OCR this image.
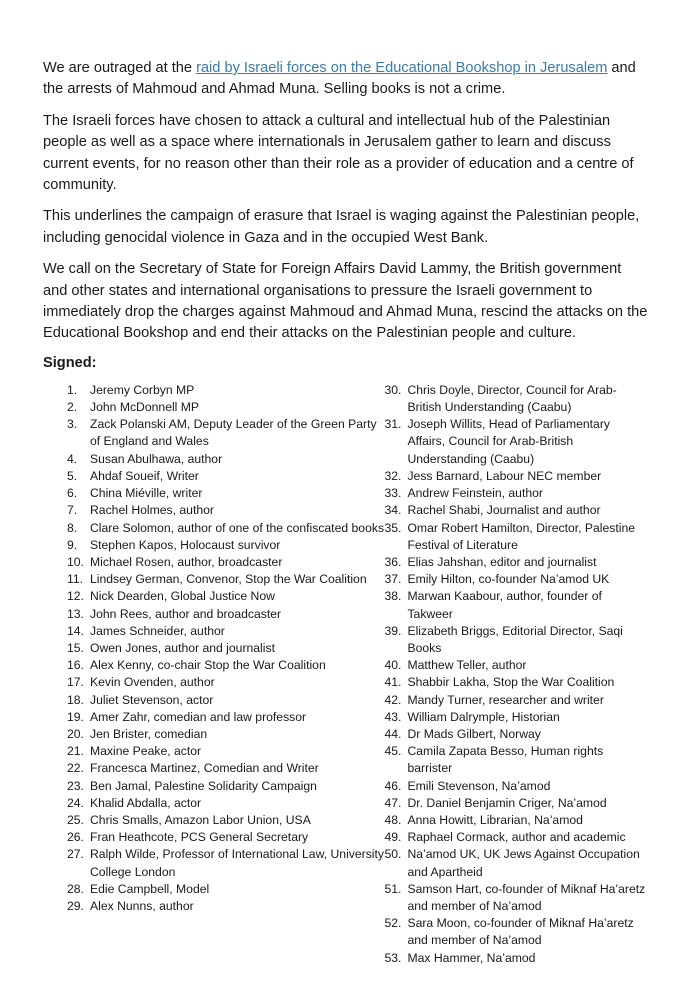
We are outraged at the raid by Israeli forces on the Educational Bookshop in Jerusalem and the arrests of Mahmoud and Ahmad Muna. Selling books is not a crime.

The Israeli forces have chosen to attack a cultural and intellectual hub of the Palestinian people as well as a space where internationals in Jerusalem gather to learn and discuss current events, for no reason other than their role as a provider of education and a centre of community.

This underlines the campaign of erasure that Israel is waging against the Palestinian people, including genocidal violence in Gaza and in the occupied West Bank.

We call on the Secretary of State for Foreign Affairs David Lammy, the British government and other states and international organisations to pressure the Israeli government to immediately drop the charges against Mahmoud and Ahmad Muna, rescind the attacks on the Educational Bookshop and end their attacks on the Palestinian people and culture.

Signed:
1.	Jeremy Corbyn MP
2.	John McDonnell MP
3.	Zack Polanski AM, Deputy Leader of the Green Party of England and Wales
4.	Susan Abulhawa, author
5.	Ahdaf Soueif, Writer
6.	China Miéville, writer
7.	Rachel Holmes, author
8.	Clare Solomon, author of one of the confiscated books
9.	Stephen Kapos, Holocaust survivor
10. Michael Rosen, author, broadcaster
11. Lindsey German, Convenor, Stop the War Coalition
12. Nick Dearden, Global Justice Now
13. John Rees, author and broadcaster
14. James Schneider, author
15. Owen Jones, author and journalist
16. Alex Kenny, co-chair Stop the War Coalition
17. Kevin Ovenden, author
18. Juliet Stevenson, actor
19. Amer Zahr, comedian and law professor
20. Jen Brister, comedian
21. Maxine Peake, actor
22. Francesca Martinez, Comedian and Writer
23. Ben Jamal, Palestine Solidarity Campaign
24. Khalid Abdalla, actor
25. Chris Smalls, Amazon Labor Union, USA
26. Fran Heathcote, PCS General Secretary
27. Ralph Wilde, Professor of International Law, University College London
28. Edie Campbell, Model
29. Alex Nunns, author
30. Chris Doyle, Director, Council for Arab-British Understanding (Caabu)
31. Joseph Willits, Head of Parliamentary Affairs, Council for Arab-British Understanding (Caabu)
32. Jess Barnard, Labour NEC member
33. Andrew Feinstein, author
34. Rachel Shabi, Journalist and author
35. Omar Robert Hamilton, Director, Palestine Festival of Literature
36. Elias Jahshan, editor and journalist
37. Emily Hilton, co-founder Na’amod UK
38. Marwan Kaabour, author, founder of Takweer
39. Elizabeth Briggs, Editorial Director, Saqi Books
40. Matthew Teller, author
41. Shabbir Lakha, Stop the War Coalition
42. Mandy Turner, researcher and writer
43. William Dalrymple, Historian
44. Dr Mads Gilbert, Norway
45. Camila Zapata Besso, Human rights barrister
46. Emili Stevenson, Na’amod
47. Dr. Daniel Benjamin Criger, Na’amod
48. Anna Howitt, Librarian, Na’amod
49. Raphael Cormack, author and academic
50. Na’amod UK, UK Jews Against Occupation and Apartheid
51. Samson Hart, co-founder of Miknaf Ha’aretz and member of Na’amod
52. Sara Moon, co-founder of Miknaf Ha’aretz and member of Na’amod
53. Max Hammer, Na’amod
